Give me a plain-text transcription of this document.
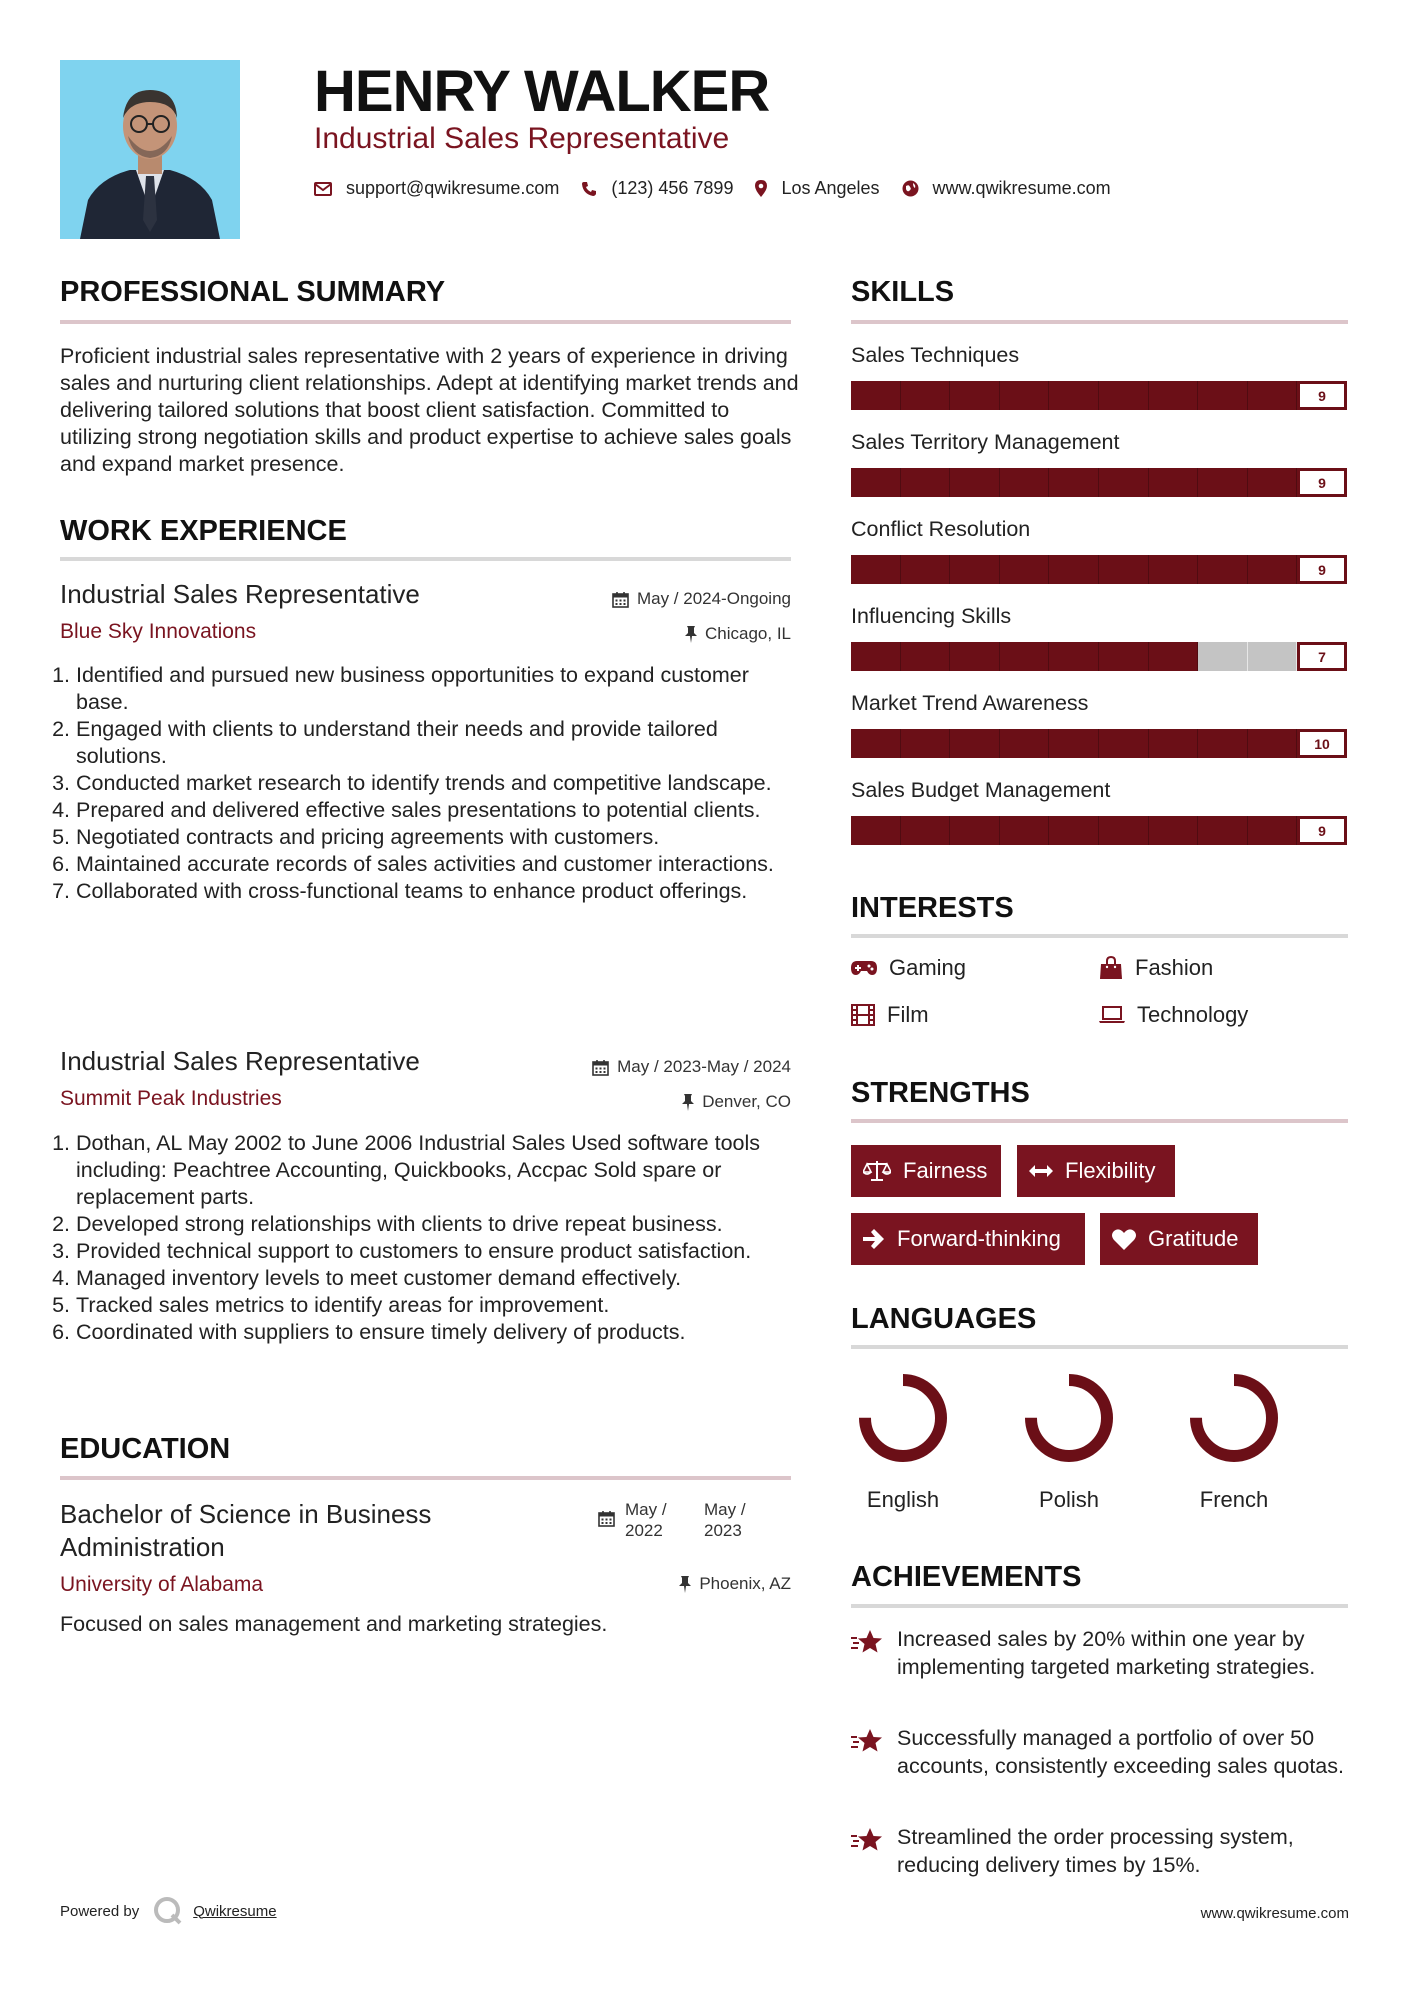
HENRY WALKER
Industrial Sales Representative
support@qwikresume.com	(123) 456 7899	Los Angeles	www.qwikresume.com
PROFESSIONAL SUMMARY
Proficient industrial sales representative with 2 years of experience in driving sales and nurturing client relationships. Adept at identifying market trends and delivering tailored solutions that boost client satisfaction. Committed to utilizing strong negotiation skills and product expertise to achieve sales goals and expand market presence.
WORK EXPERIENCE
Industrial Sales Representative	May / 2024-Ongoing
Blue Sky Innovations	Chicago, IL
1. Identified and pursued new business opportunities to expand customer base.
2. Engaged with clients to understand their needs and provide tailored solutions.
3. Conducted market research to identify trends and competitive landscape.
4. Prepared and delivered effective sales presentations to potential clients.
5. Negotiated contracts and pricing agreements with customers.
6. Maintained accurate records of sales activities and customer interactions.
7. Collaborated with cross-functional teams to enhance product offerings.
Industrial Sales Representative	May / 2023-May / 2024
Summit Peak Industries	Denver, CO
1. Dothan, AL May 2002 to June 2006 Industrial Sales Used software tools including: Peachtree Accounting, Quickbooks, Accpac Sold spare or replacement parts.
2. Developed strong relationships with clients to drive repeat business.
3. Provided technical support to customers to ensure product satisfaction.
4. Managed inventory levels to meet customer demand effectively.
5. Tracked sales metrics to identify areas for improvement.
6. Coordinated with suppliers to ensure timely delivery of products.
EDUCATION
Bachelor of Science in Business
Administration
May /
2022
May /
2023
University of Alabama	Phoenix, AZ
Focused on sales management and marketing strategies.
SKILLS
Sales Techniques
9
Sales Territory Management
9
Conflict Resolution
9
Influencing Skills
7
Market Trend Awareness
10
Sales Budget Management
9
INTERESTS
Gaming	Fashion
Film	Technology
STRENGTHS
Fairness	Flexibility
Forward-thinking	Gratitude
LANGUAGES
English	Polish	French
ACHIEVEMENTS
Increased sales by 20% within one year by implementing targeted marketing strategies.
Successfully managed a portfolio of over 50 accounts, consistently exceeding sales quotas.
Streamlined the order processing system, reducing delivery times by 15%.
Powered by	Qwikresume	www.qwikresume.com
